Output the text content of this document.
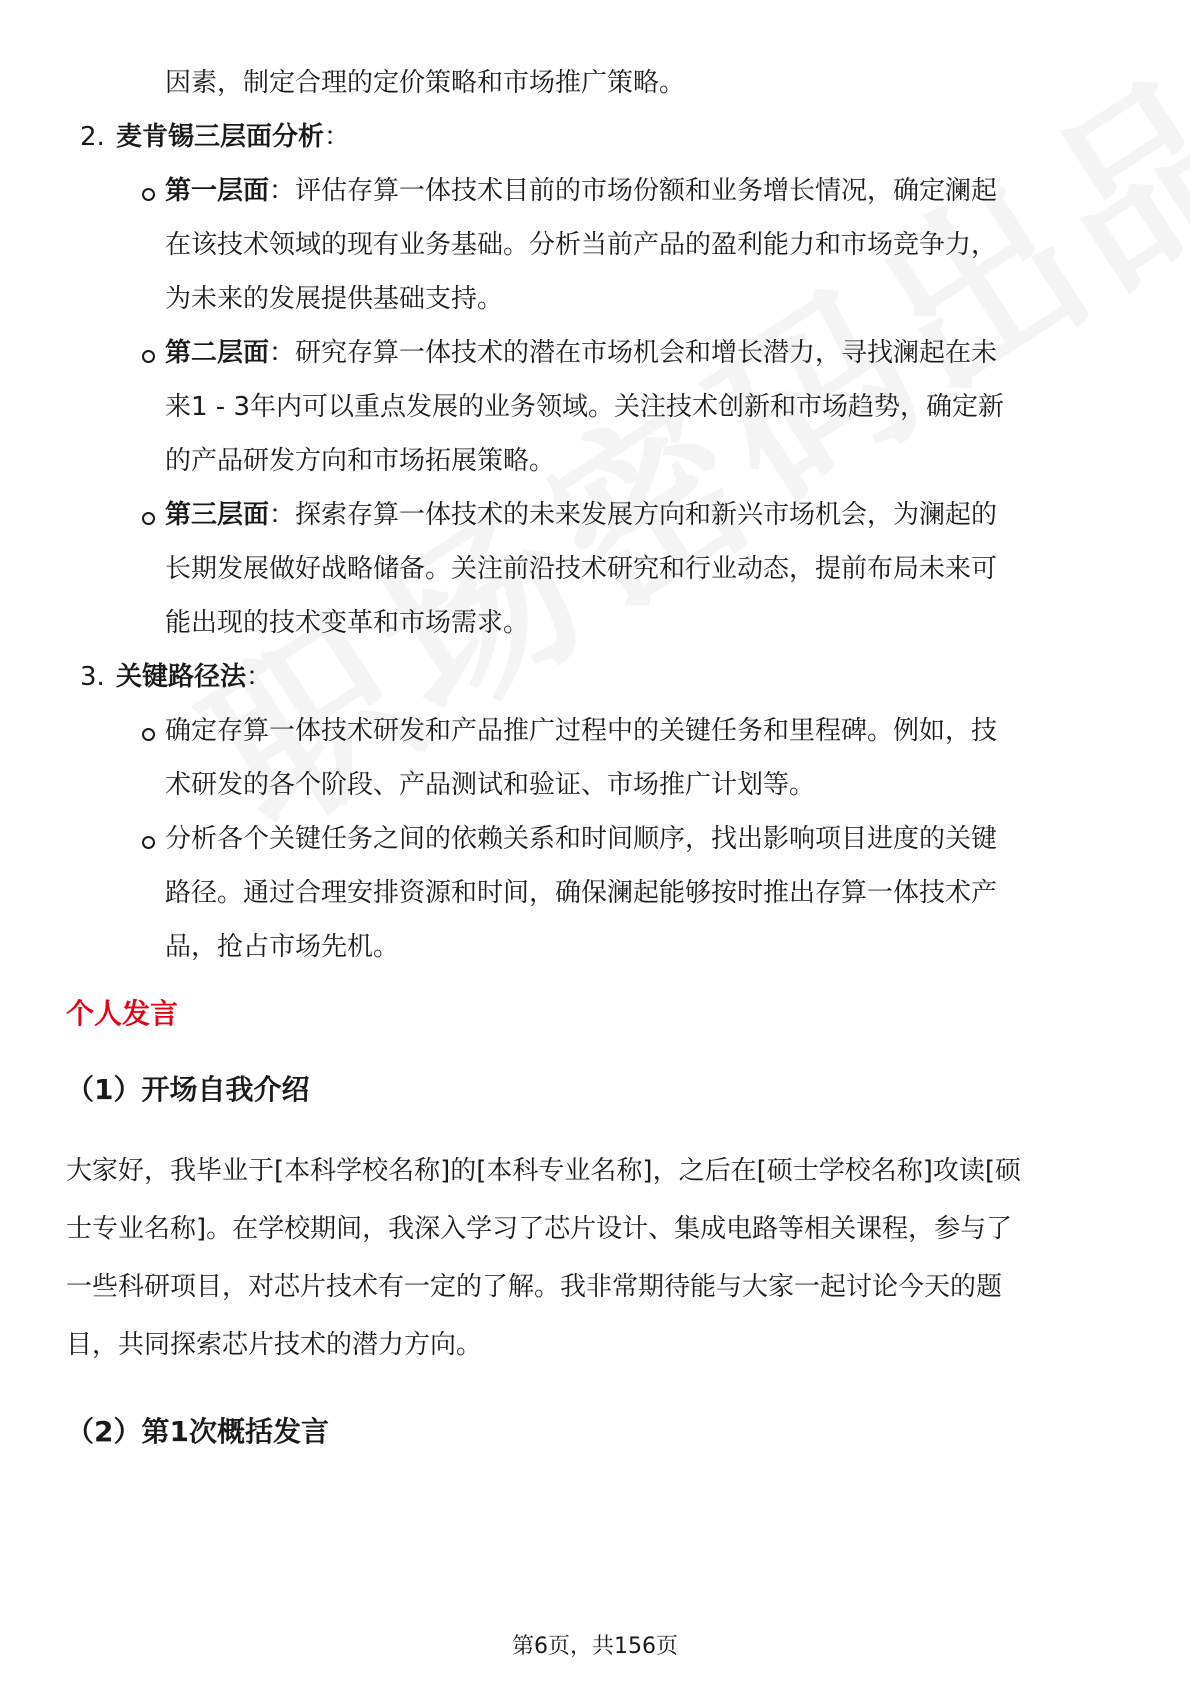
因素，制定合理的定价策略和市场推广策略。
2. 麦肯锡三层面分析：
第一层面：评估存算一体技术目前的市场份额和业务增长情况，确定澜起
在该技术领域的现有业务基础。分析当前产品的盈利能力和市场竞争力，
为未来的发展提供基础支持。
第二层面：研究存算一体技术的潜在市场机会和增长潜力，寻找澜起在未
来1 - 3年内可以重点发展的业务领域。关注技术创新和市场趋势，确定新
的产品研发方向和市场拓展策略。
第三层面：探索存算一体技术的未来发展方向和新兴市场机会，为澜起的
长期发展做好战略储备。关注前沿技术研究和行业动态，提前布局未来可
能出现的技术变革和市场需求。
3. 关键路径法：
确定存算一体技术研发和产品推广过程中的关键任务和里程碑。例如，技
术研发的各个阶段、产品测试和验证、市场推广计划等。
分析各个关键任务之间的依赖关系和时间顺序，找出影响项目进度的关键
路径。通过合理安排资源和时间，确保澜起能够按时推出存算一体技术产
品，抢占市场先机。
个人发言
（1）开场自我介绍
大家好，我毕业于[本科学校名称]的[本科专业名称]，之后在[硕士学校名称]攻读[硕
士专业名称]。在学校期间，我深入学习了芯片设计、集成电路等相关课程，参与了
一些科研项目，对芯片技术有一定的了解。我非常期待能与大家一起讨论今天的题
目，共同探索芯片技术的潜力方向。
（2）第1次概括发言
第6页，共156页
